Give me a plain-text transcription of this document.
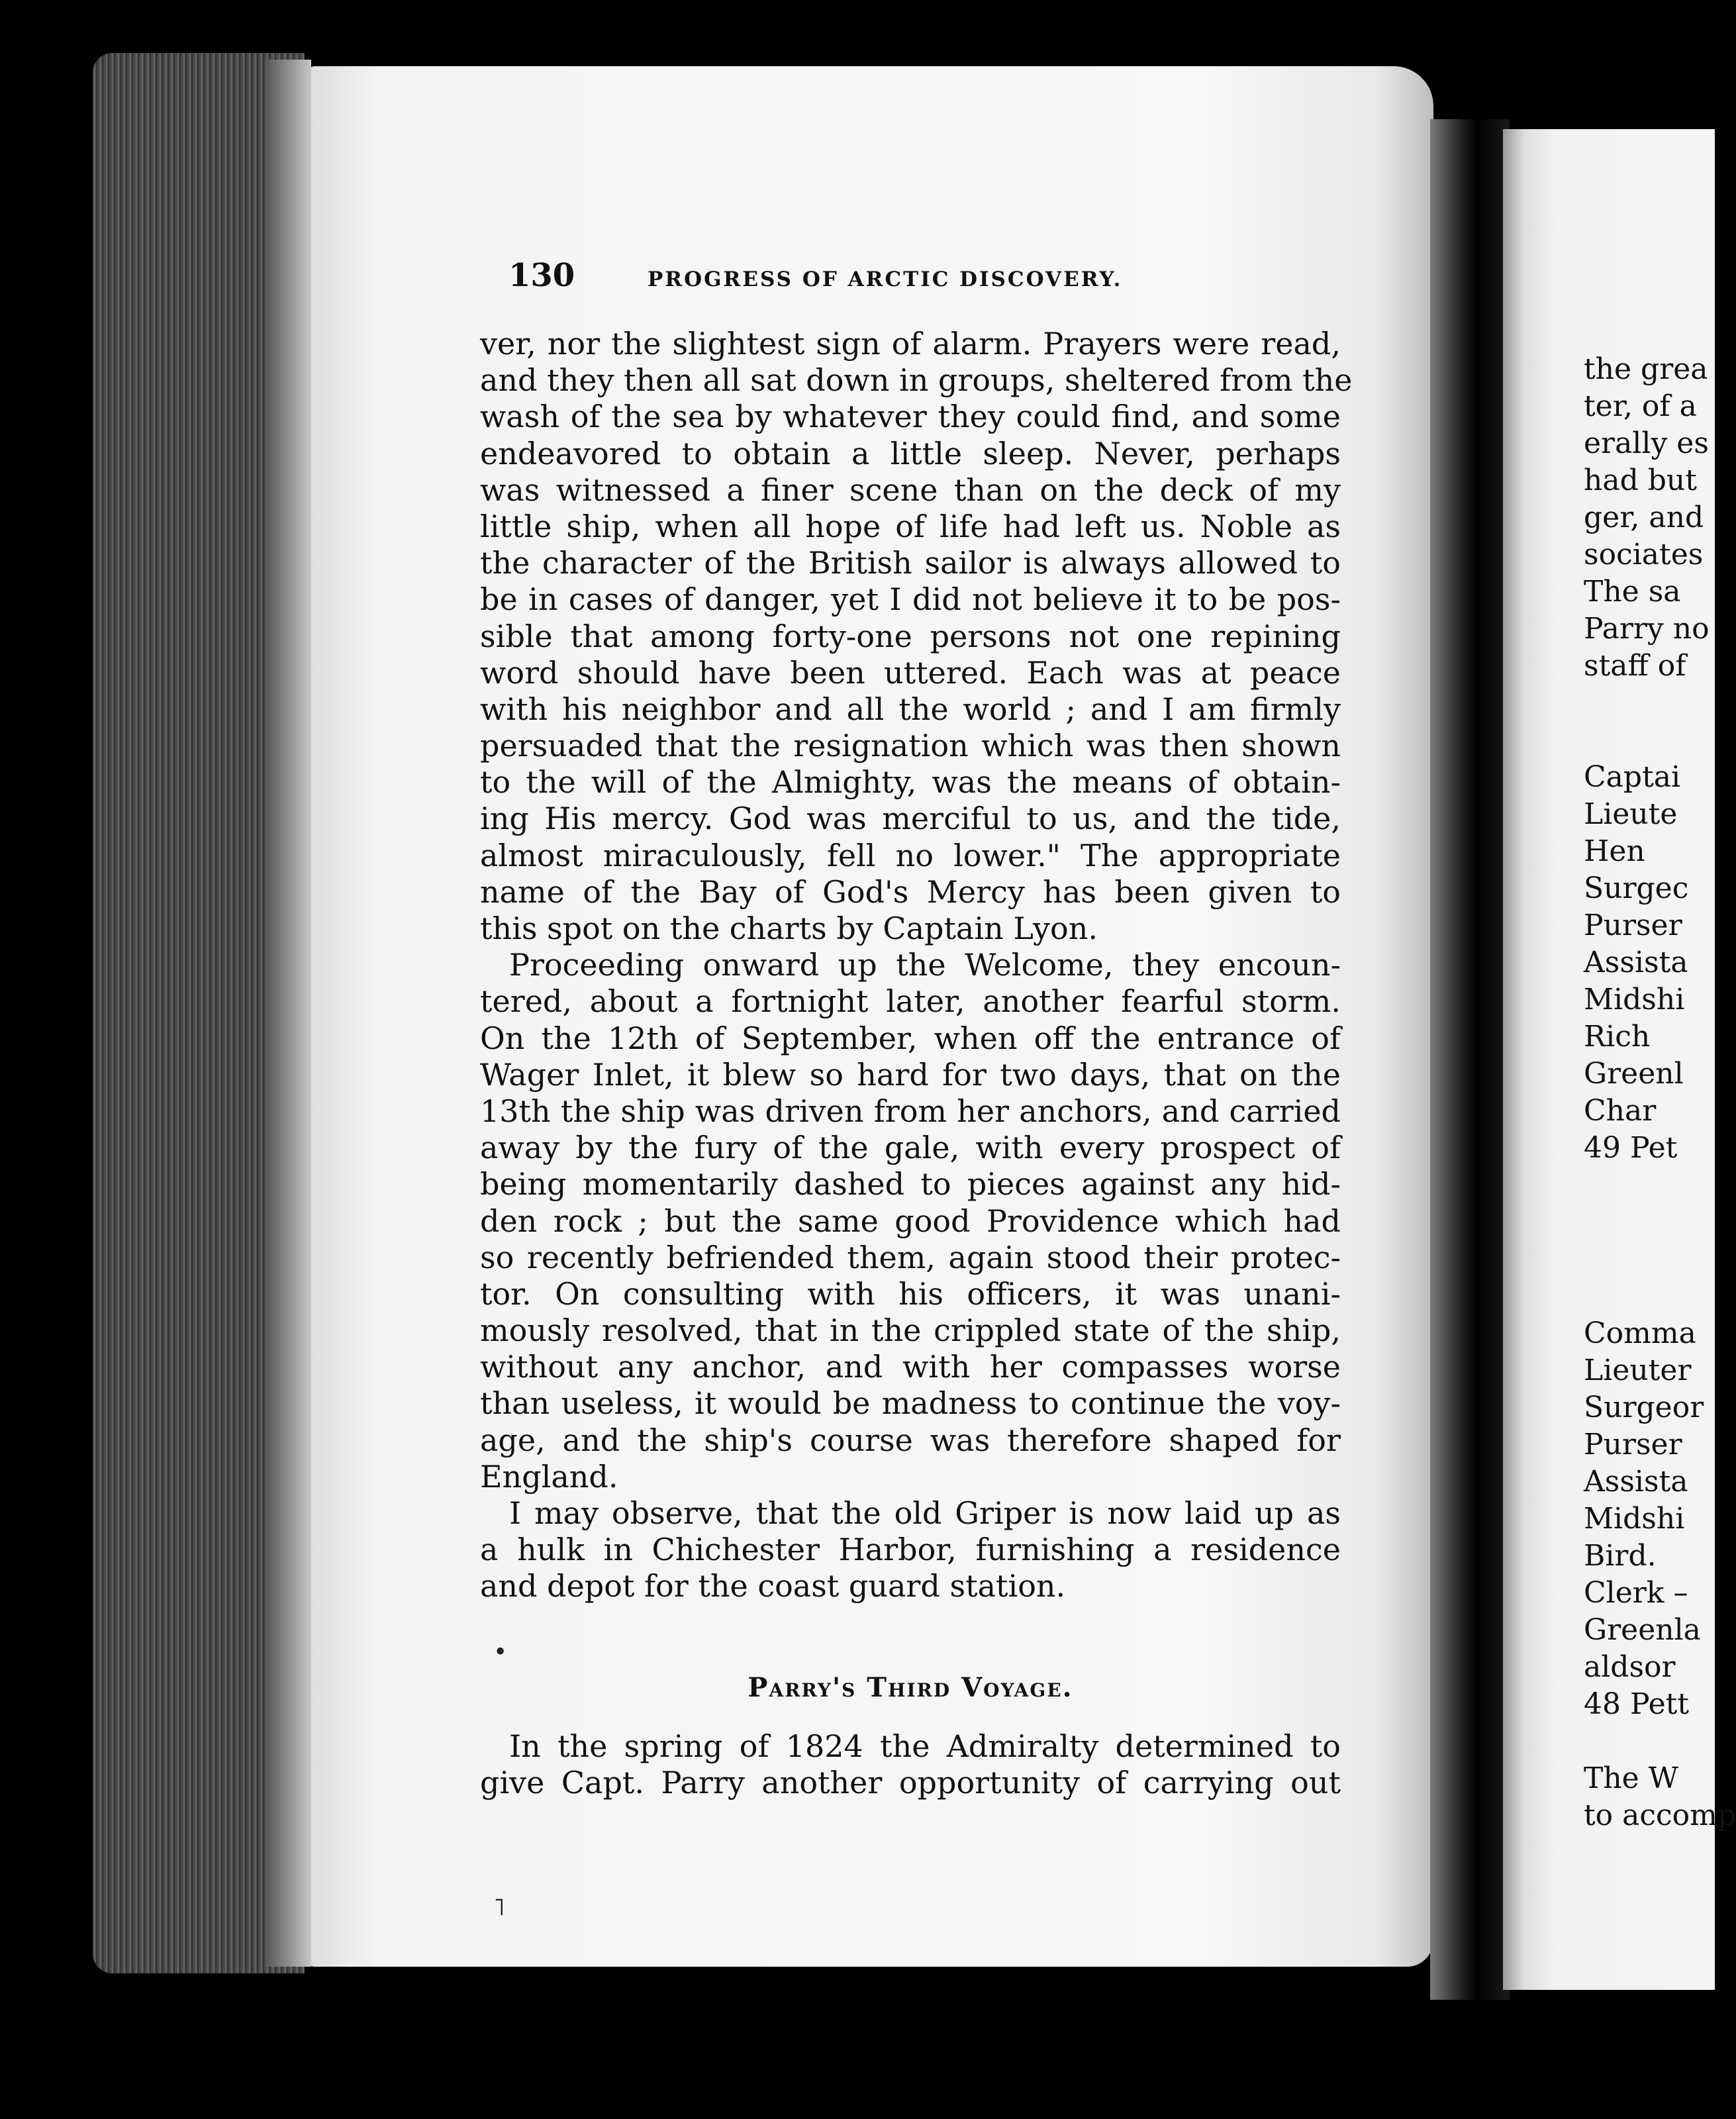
130	PROGRESS OF ARCTIC DISCOVERY.
ver, nor the slightest sign of alarm. Prayers were read,
and they then all sat down in groups, sheltered from the
wash of the sea by whatever they could find, and some
endeavored to obtain a little sleep. Never, perhaps
was witnessed a finer scene than on the deck of my
little ship, when all hope of life had left us. Noble as
the character of the British sailor is always allowed to
be in cases of danger, yet I did not believe it to be pos-
sible that among forty-one persons not one repining
word should have been uttered. Each was at peace
with his neighbor and all the world ; and I am firmly
persuaded that the resignation which was then shown
to the will of the Almighty, was the means of obtain-
ing His mercy. God was merciful to us, and the tide,
almost miraculously, fell no lower." The appropriate
name of the Bay of God's Mercy has been given to
this spot on the charts by Captain Lyon.
Proceeding onward up the Welcome, they encoun-
tered, about a fortnight later, another fearful storm.
On the 12th of September, when off the entrance of
Wager Inlet, it blew so hard for two days, that on the
13th the ship was driven from her anchors, and carried
away by the fury of the gale, with every prospect of
being momentarily dashed to pieces against any hid-
den rock ; but the same good Providence which had
so recently befriended them, again stood their protec-
tor. On consulting with his officers, it was unani-
mously resolved, that in the crippled state of the ship,
without any anchor, and with her compasses worse
than useless, it would be madness to continue the voy-
age, and the ship's course was therefore shaped for
England.
I may observe, that the old Griper is now laid up as
a hulk in Chichester Harbor, furnishing a residence
and depot for the coast guard station.
Parry's Third Voyage.
In the spring of 1824 the Admiralty determined to
give Capt. Parry another opportunity of carrying out
the grea
ter, of a
erally es
had but
ger, and
sociates
The sa
Parry no
staff of
Captai
Lieute
Hen
Surgec
Purser
Assista
Midshi
Rich
Greenl
Char
49 Pet
Comma
Lieuter
Surgeor
Purser
Assista
Midshi
Bird.
Clerk –
Greenla
aldsor
48 Pett
The W
to accomp
•
˥
